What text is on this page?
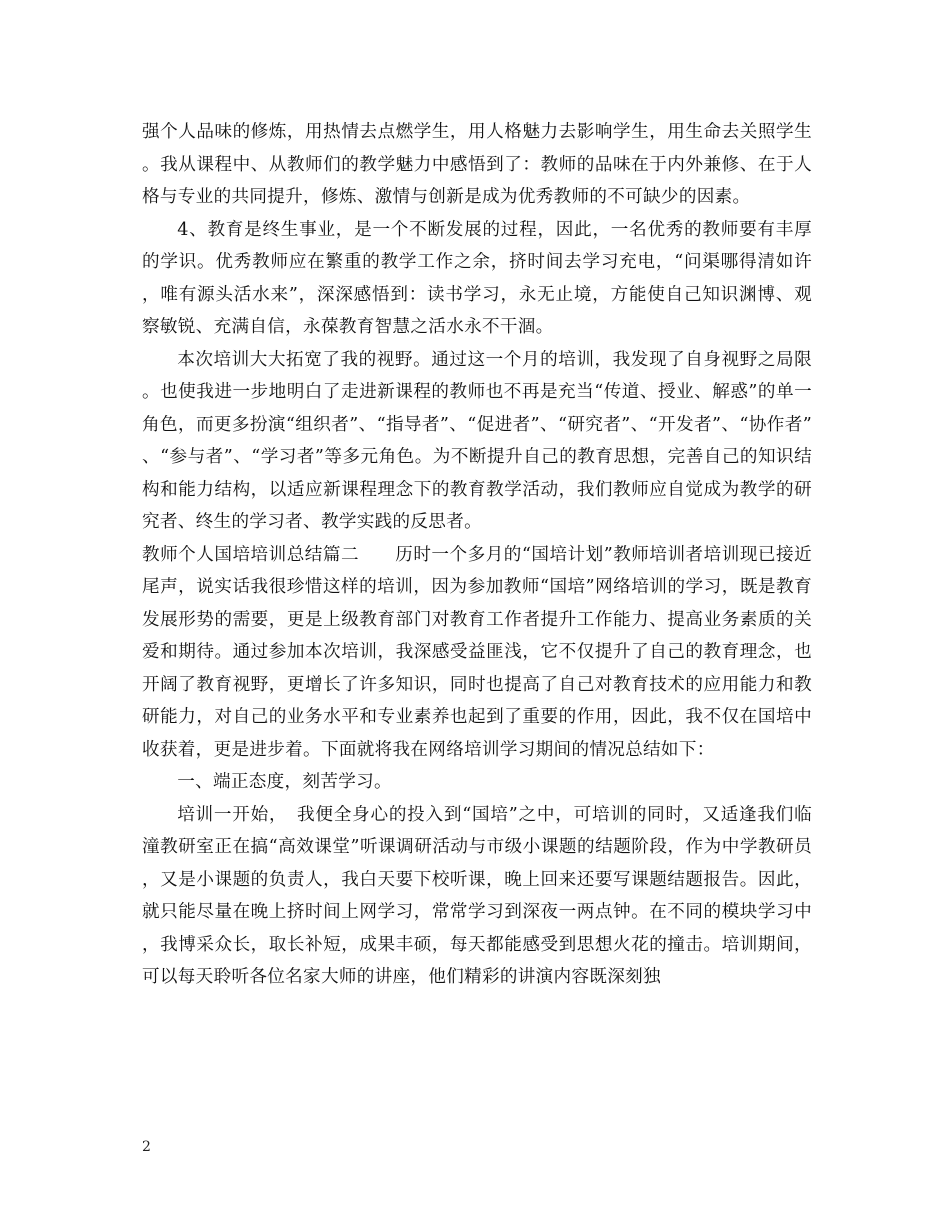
强个人品味的修炼，用热情去点燃学生，用人格魅力去影响学生，用生命去关照学生。我从课程中、从教师们的教学魅力中感悟到了：教师的品味在于内外兼修、在于人格与专业的共同提升，修炼、激情与创新是成为优秀教师的不可缺少的因素。

4、教育是终生事业，是一个不断发展的过程，因此，一名优秀的教师要有丰厚的学识。优秀教师应在繁重的教学工作之余，挤时间去学习充电，“问渠哪得清如许，唯有源头活水来”，深深感悟到：读书学习，永无止境，方能使自己知识渊博、观察敏锐、充满自信，永葆教育智慧之活水永不干涸。

本次培训大大拓宽了我的视野。通过这一个月的培训，我发现了自身视野之局限。也使我进一步地明白了走进新课程的教师也不再是充当“传道、授业、解惑”的单一角色，而更多扮演“组织者”、“指导者”、“促进者”、“研究者”、“开发者”、“协作者”、“参与者”、“学习者”等多元角色。为不断提升自己的教育思想，完善自己的知识结构和能力结构，以适应新课程理念下的教育教学活动，我们教师应自觉成为教学的研究者、终生的学习者、教学实践的反思者。

教师个人国培培训总结篇二　　历时一个多月的“国培计划”教师培训者培训现已接近尾声，说实话我很珍惜这样的培训，因为参加教师“国培”网络培训的学习，既是教育发展形势的需要，更是上级教育部门对教育工作者提升工作能力、提高业务素质的关爱和期待。通过参加本次培训，我深感受益匪浅，它不仅提升了自己的教育理念，也开阔了教育视野，更增长了许多知识，同时也提高了自己对教育技术的应用能力和教研能力，对自己的业务水平和专业素养也起到了重要的作用，因此，我不仅在国培中收获着，更是进步着。下面就将我在网络培训学习期间的情况总结如下：

一、端正态度，刻苦学习。

培训一开始，　我便全身心的投入到“国培”之中，可培训的同时，又适逢我们临潼教研室正在搞“高效课堂”听课调研活动与市级小课题的结题阶段，作为中学教研员，又是小课题的负责人，我白天要下校听课，晚上回来还要写课题结题报告。因此，就只能尽量在晚上挤时间上网学习，常常学习到深夜一两点钟。在不同的模块学习中，我博采众长，取长补短，成果丰硕，每天都能感受到思想火花的撞击。培训期间，可以每天聆听各位名家大师的讲座，他们精彩的讲演内容既深刻独

2
